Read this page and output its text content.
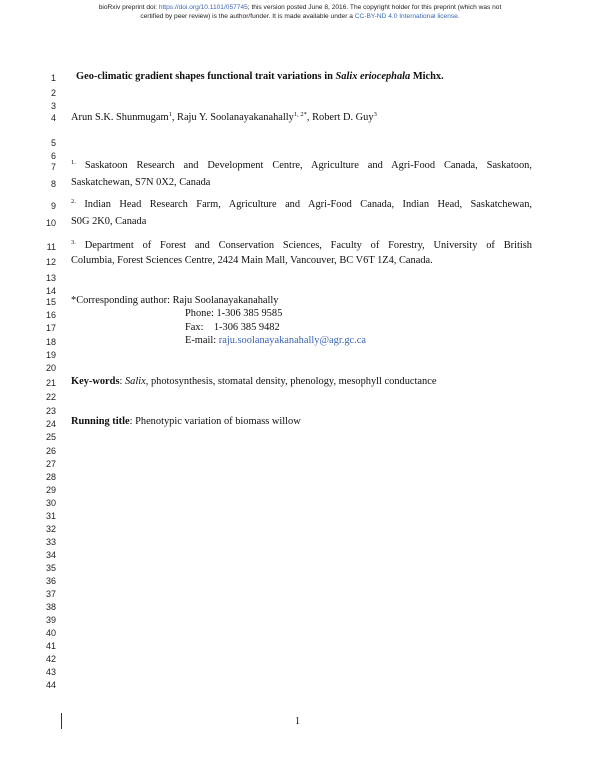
bioRxiv preprint doi: https://doi.org/10.1101/057745; this version posted June 8, 2016. The copyright holder for this preprint (which was not
certified by peer review) is the author/funder. It is made available under a CC-BY-ND 4.0 International license.
1
2
3
4
5
6
7
8
9
10
11
12
13
14
15
16
17
18
19
20
21
22
23
24
25
26
27
28
29
30
31
32
33
34
35
36
37
38
39
40
41
42
43
44
Geo-climatic gradient shapes functional trait variations in Salix eriocephala Michx.
Arun S.K. Shunmugam$^1$, Raju Y. Soolanayakanahally$^{1, 2*}$, Robert D. Guy$^3$
$^{1.}$ Saskatoon Research and Development Centre, Agriculture and Agri-Food Canada, Saskatoon,
Saskatchewan, S7N 0X2, Canada
$^{2.}$ Indian Head Research Farm, Agriculture and Agri-Food Canada, Indian Head, Saskatchewan,
S0G 2K0, Canada
$^{3.}$ Department of Forest and Conservation Sciences, Faculty of Forestry, University of British
Columbia, Forest Sciences Centre, 2424 Main Mall, Vancouver, BC V6T 1Z4, Canada.
*Corresponding author: Raju Soolanayakanahally
Phone: 1-306 385 9585
Fax:    1-306 385 9482
E-mail: raju.soolanayakanahally@agr.gc.ca
Key-words: Salix, photosynthesis, stomatal density, phenology, mesophyll conductance
Running title: Phenotypic variation of biomass willow
1
